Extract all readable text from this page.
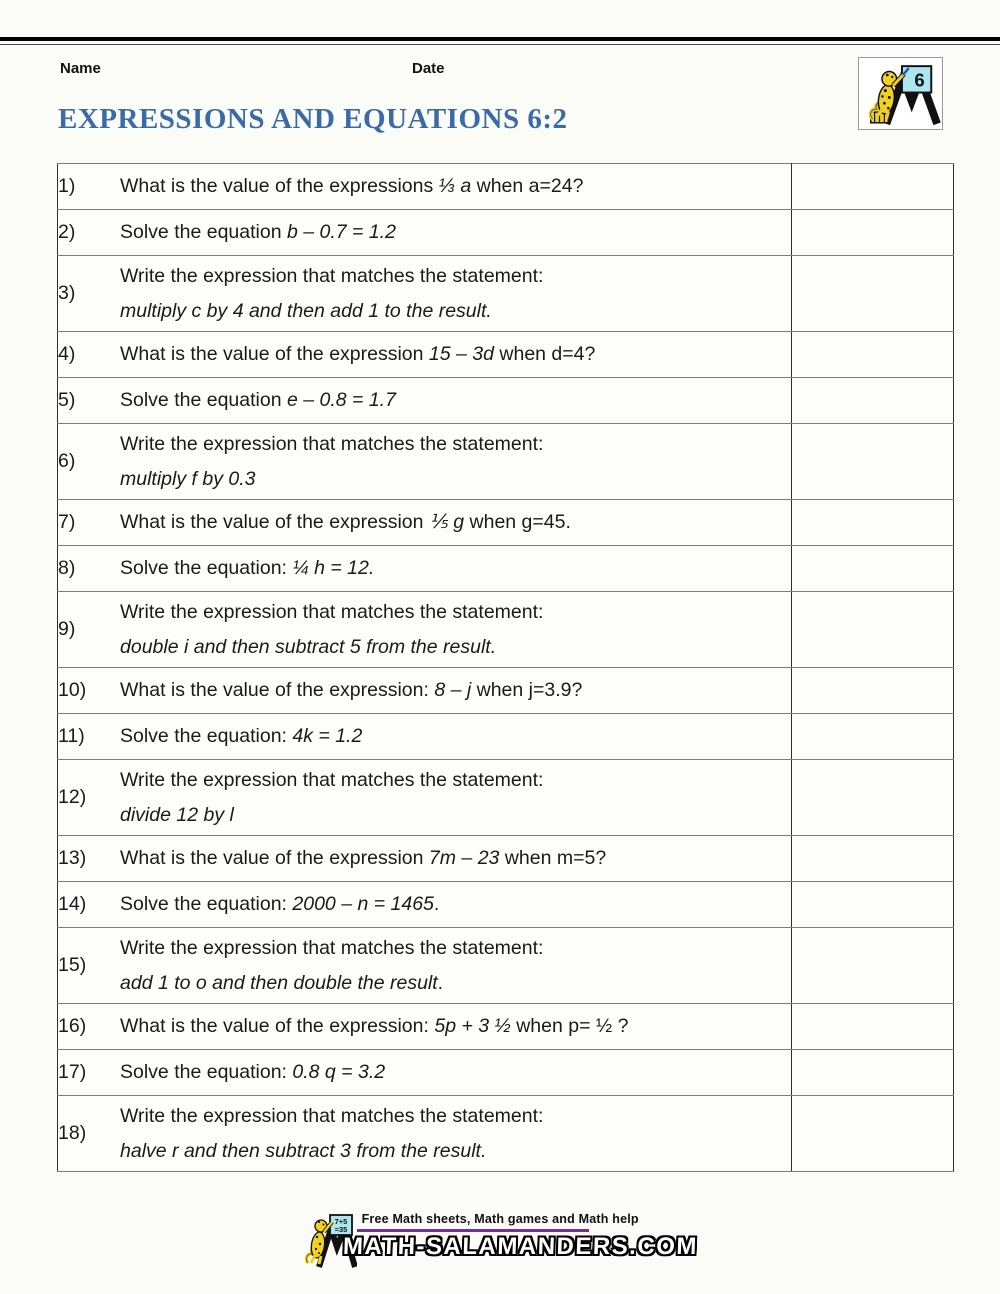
Name	Date
6
EXPRESSIONS AND EQUATIONS 6:2
1)	What is the value of the expressions ⅓ a when a=24?	

2)	Solve the equation b – 0.7 = 1.2	

3)	Write the expression that matches the statement:
multiply c by 4 and then add 1 to the result.	

4)	What is the value of the expression 15 – 3d when d=4?	

5)	Solve the equation e – 0.8 = 1.7	

6)	Write the expression that matches the statement:
multiply f by 0.3	

7)	What is the value of the expression ⅕ g when g=45.	

8)	Solve the equation: ¼ h = 12.	

9)	Write the expression that matches the statement:
double i and then subtract 5 from the result.	

10)	What is the value of the expression: 8 – j when j=3.9?	

11)	Solve the equation: 4k = 1.2	

12)	Write the expression that matches the statement:
divide 12 by l	

13)	What is the value of the expression 7m – 23 when m=5?	

14)	Solve the equation: 2000 – n = 1465.	

15)	Write the expression that matches the statement:
add 1 to o and then double the result.	

16)	What is the value of the expression: 5p + 3 ½ when p= ½ ?	

17)	Solve the equation: 0.8 q = 3.2	

18)	Write the expression that matches the statement:
halve r and then subtract 3 from the result.	

7+5
=35
Free Math sheets, Math games and Math help
MATH-SALAMANDERS.COM
